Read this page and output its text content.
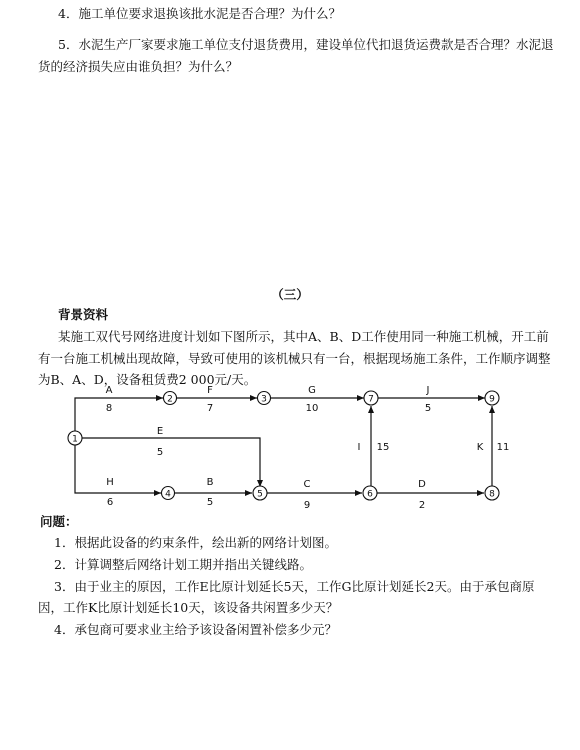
4．施工单位要求退换该批水泥是否合理？为什么？
5．水泥生产厂家要求施工单位支付退货费用，建设单位代扣退货运费款是否合理？水泥退
货的经济损失应由谁负担？为什么？
（三）
背景资料
某施工双代号网络进度计划如下图所示，其中A、B、D工作使用同一种施工机械，开工前
有一台施工机械出现故障，导致可使用的该机械只有一台，根据现场施工条件，工作顺序调整
为B、A、D，设备租赁费2 000元/天。
1
2	3	7	9
4	5	6	8
A
8
F
7
G
10
J
5
E
5	I 15	K 11
H
6
B
5
C
9
D
2
问题：
1．根据此设备的约束条件，绘出新的网络计划图。
2．计算调整后网络计划工期并指出关键线路。
3．由于业主的原因，工作E比原计划延长5天，工作G比原计划延长2天。由于承包商原
因，工作K比原计划延长10天，该设备共闲置多少天？
4．承包商可要求业主给予该设备闲置补偿多少元？
